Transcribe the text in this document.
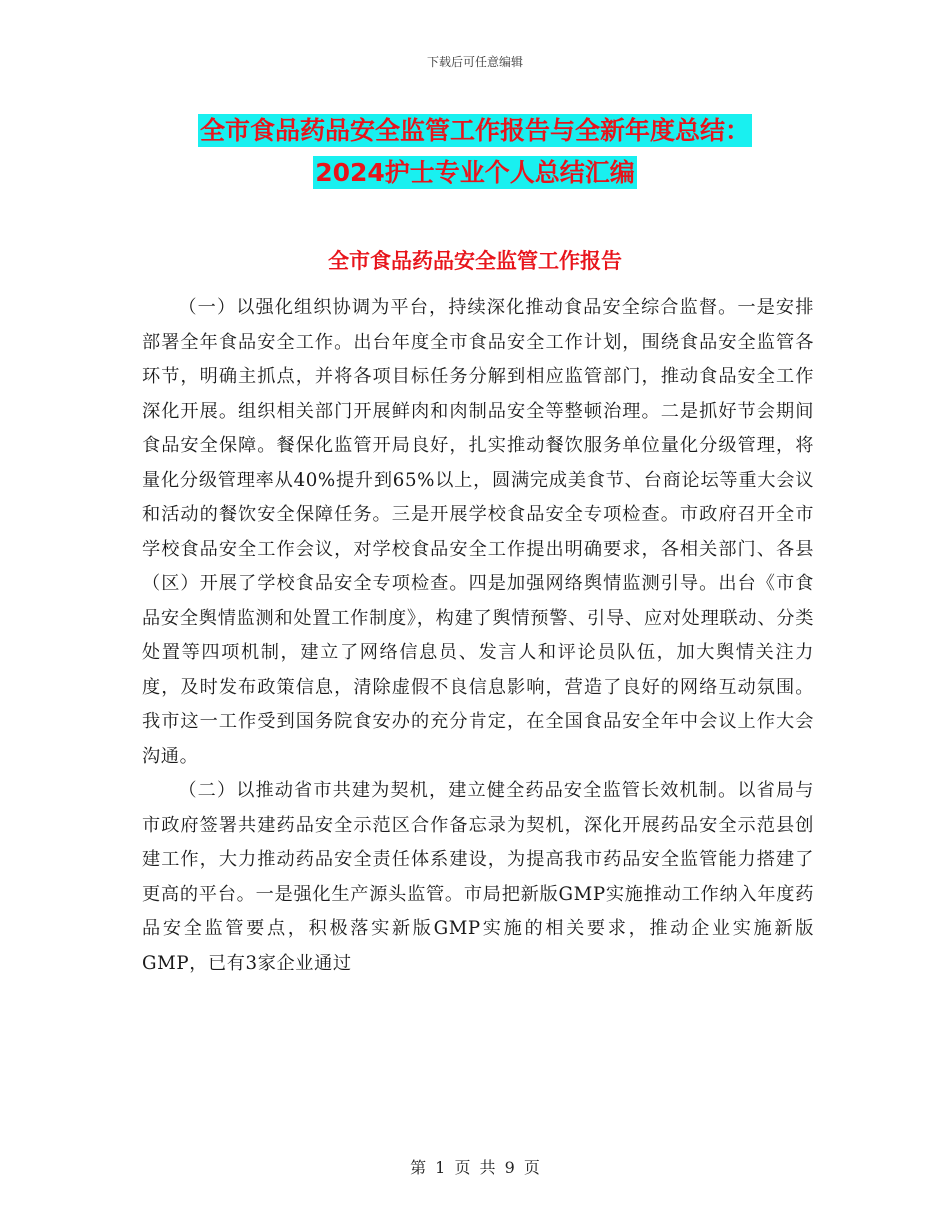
下载后可任意编辑
全市食品药品安全监管工作报告与全新年度总结：
2024护士专业个人总结汇编
全市食品药品安全监管工作报告

（一）以强化组织协调为平台，持续深化推动食品安全综合监督。一是安排部署全年食品安全工作。出台年度全市食品安全工作计划，围绕食品安全监管各环节，明确主抓点，并将各项目标任务分解到相应监管部门，推动食品安全工作深化开展。组织相关部门开展鲜肉和肉制品安全等整顿治理。二是抓好节会期间食品安全保障。餐保化监管开局良好，扎实推动餐饮服务单位量化分级管理，将量化分级管理率从40%提升到65%以上，圆满完成美食节、台商论坛等重大会议和活动的餐饮安全保障任务。三是开展学校食品安全专项检查。市政府召开全市学校食品安全工作会议，对学校食品安全工作提出明确要求，各相关部门、各县（区）开展了学校食品安全专项检查。四是加强网络舆情监测引导。出台《市食品安全舆情监测和处置工作制度》，构建了舆情预警、引导、应对处理联动、分类处置等四项机制，建立了网络信息员、发言人和评论员队伍，加大舆情关注力度，及时发布政策信息，清除虚假不良信息影响，营造了良好的网络互动氛围。我市这一工作受到国务院食安办的充分肯定，在全国食品安全年中会议上作大会沟通。

（二）以推动省市共建为契机，建立健全药品安全监管长效机制。以省局与市政府签署共建药品安全示范区合作备忘录为契机，深化开展药品安全示范县创建工作，大力推动药品安全责任体系建设，为提高我市药品安全监管能力搭建了更高的平台。一是强化生产源头监管。市局把新版GMP实施推动工作纳入年度药品安全监管要点，积极落实新版GMP实施的相关要求，推动企业实施新版GMP，已有3家企业通过

第 1 页 共 9 页
